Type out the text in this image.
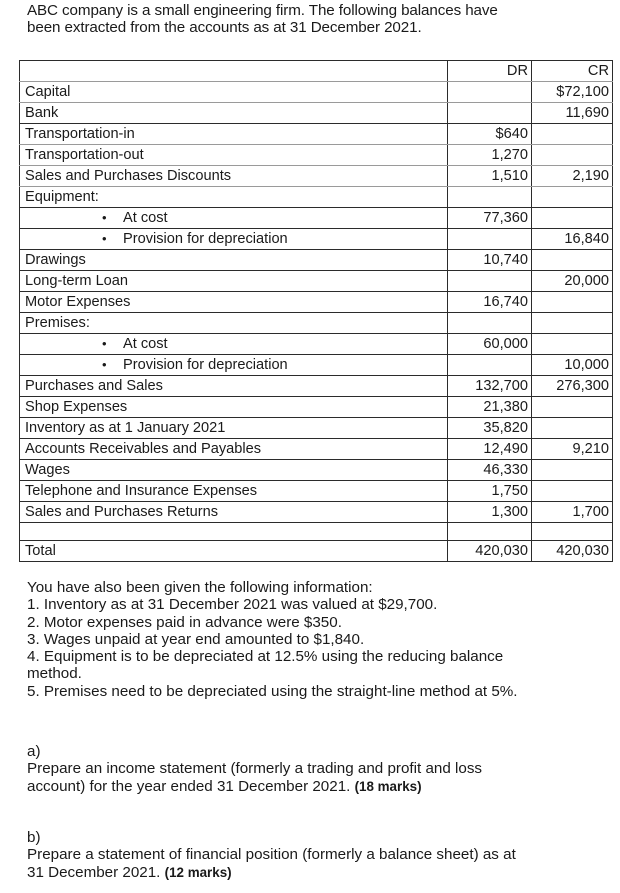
ABC company is a small engineering firm. The following balances have
been extracted from the accounts as at 31 December 2021.
	DR	CR
Capital		$72,100
Bank		11,690
Transportation-in	$640	
Transportation-out	1,270	
Sales and Purchases Discounts	1,510	2,190
Equipment:		
• At cost	77,360	
• Provision for depreciation		16,840
Drawings	10,740	
Long-term Loan		20,000
Motor Expenses	16,740	
Premises:		
• At cost	60,000	
• Provision for depreciation		10,000
Purchases and Sales	132,700	276,300
Shop Expenses	21,380	
Inventory as at 1 January 2021	35,820	
Accounts Receivables and Payables	12,490	9,210
Wages	46,330	
Telephone and Insurance Expenses	1,750	
Sales and Purchases Returns	1,300	1,700

Total	420,030	420,030

You have also been given the following information:

1. Inventory as at 31 December 2021 was valued at $29,700.

2. Motor expenses paid in advance were $350.

3. Wages unpaid at year end amounted to $1,840.

4. Equipment is to be depreciated at 12.5% using the reducing balance

method.

5. Premises need to be depreciated using the straight-line method at 5%.

a)

Prepare an income statement (formerly a trading and profit and loss

account) for the year ended 31 December 2021. (18 marks)

b)

Prepare a statement of financial position (formerly a balance sheet) as at

31 December 2021. (12 marks)
